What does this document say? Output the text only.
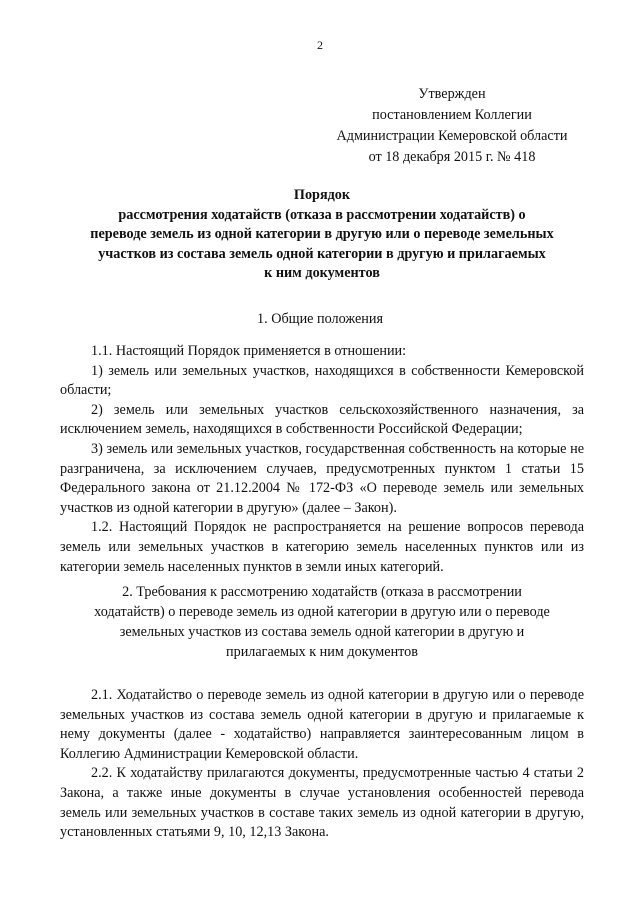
2
Утвержден
постановлением Коллегии
Администрации Кемеровской области
от 18 декабря 2015 г. № 418
Порядок
рассмотрения ходатайств (отказа в рассмотрении ходатайств) о
переводе земель из одной категории в другую или о переводе земельных
участков из состава земель одной категории в другую и прилагаемых
к ним документов
1. Общие положения

1.1. Настоящий Порядок применяется в отношении:

1) земель или земельных участков, находящихся в собственности Кемеровской области;

2) земель или земельных участков сельскохозяйственного назначения, за исключением земель, находящихся в собственности Российской Федерации;

3) земель или земельных участков, государственная собственность на которые не разграничена, за исключением случаев, предусмотренных пунктом 1 статьи 15 Федерального закона от 21.12.2004 № 172-ФЗ «О переводе земель или земельных участков из одной категории в другую» (далее – Закон).

1.2. Настоящий Порядок не распространяется на решение вопросов перевода земель или земельных участков в категорию земель населенных пунктов или из категории земель населенных пунктов в земли иных категорий.

2. Требования к рассмотрению ходатайств (отказа в рассмотрении
ходатайств) о переводе земель из одной категории в другую или о переводе
земельных участков из состава земель одной категории в другую и
прилагаемых к ним документов

2.1. Ходатайство о переводе земель из одной категории в другую или о переводе земельных участков из состава земель одной категории в другую и прилагаемые к нему документы (далее - ходатайство) направляется заинтересованным лицом в Коллегию Администрации Кемеровской области.

2.2. К ходатайству прилагаются документы, предусмотренные частью 4 статьи 2 Закона, а также иные документы в случае установления особенностей перевода земель или земельных участков в составе таких земель из одной категории в другую, установленных статьями 9, 10, 12,13 Закона.
